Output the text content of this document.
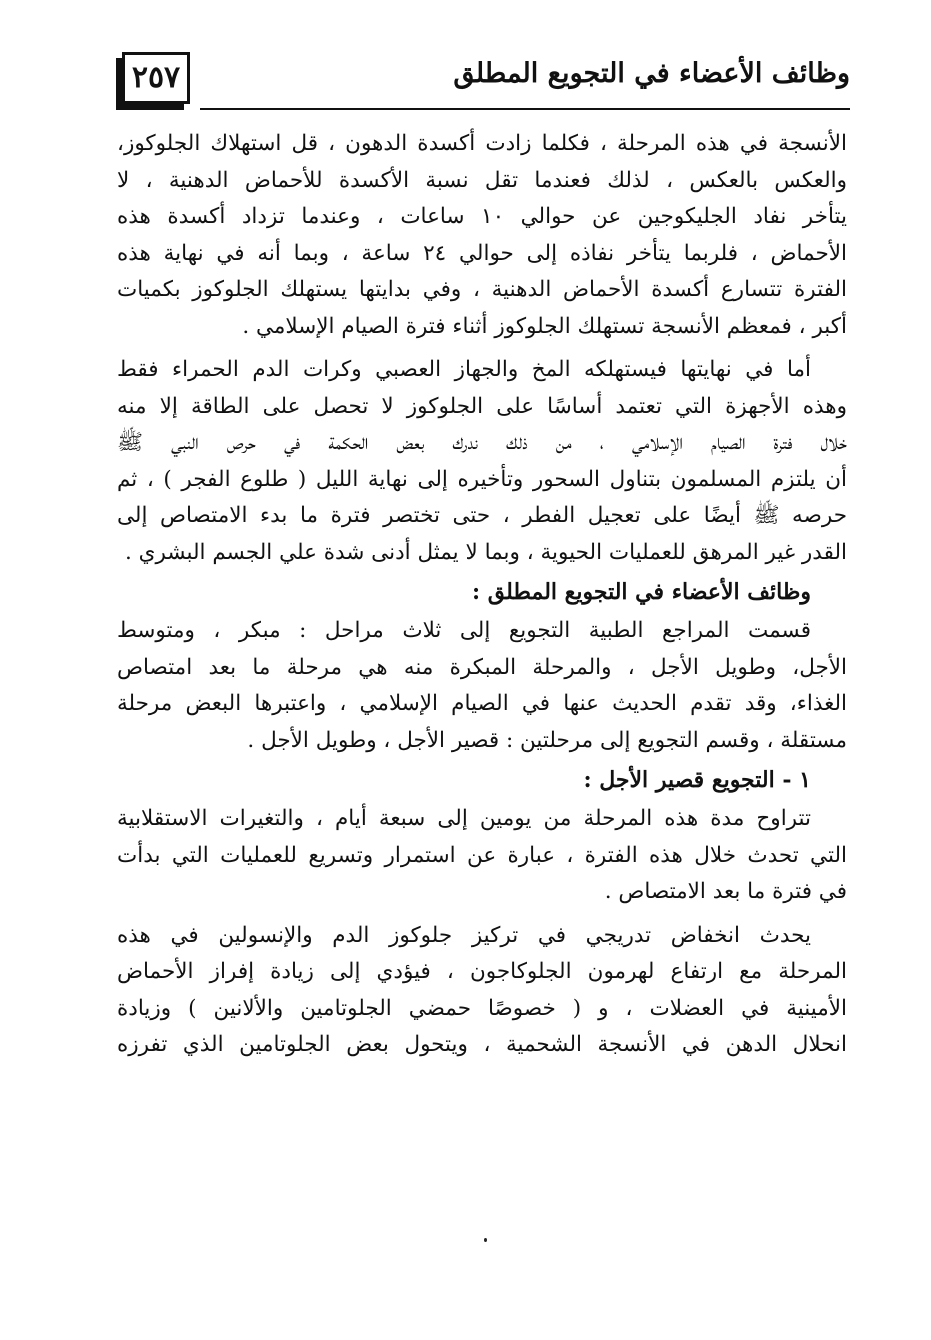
٢٥٧	وظائف الأعضاء في التجويع المطلق
الأنسجة في هذه المرحلة ، فكلما زادت أكسدة الدهون ، قل استهلاك الجلوكوز،
والعكس بالعكس ، لذلك فعندما تقل نسبة الأكسدة للأحماض الدهنية ، لا
يتأخر نفاد الجليكوجين عن حوالي ١٠ ساعات ، وعندما تزداد أكسدة هذه
الأحماض ، فلربما يتأخر نفاذه إلى حوالي ٢٤ ساعة ، وبما أنه في نهاية هذه
الفترة تتسارع أكسدة الأحماض الدهنية ، وفي بدايتها يستهلك الجلوكوز بكميات
أكبر ، فمعظم الأنسجة تستهلك الجلوكوز أثناء فترة الصيام الإسلامي .
أما في نهايتها فيستهلكه المخ والجهاز العصبي وكرات الدم الحمراء فقط
وهذه الأجهزة التي تعتمد أساسًا على الجلوكوز لا تحصل على الطاقة إلا منه
خلال فترة الصيام الإسلامي ، من ذلك ندرك بعض الحكمة في حرص النبي ﷺ
أن يلتزم المسلمون بتناول السحور وتأخيره إلى نهاية الليل ( طلوع الفجر ) ، ثم
حرصه ﷺ أيضًا على تعجيل الفطر ، حتى تختصر فترة ما بدء الامتصاص إلى
القدر غير المرهق للعمليات الحيوية ، وبما لا يمثل أدنى شدة علي الجسم البشري .
وظائف الأعضاء في التجويع المطلق :
قسمت المراجع الطبية التجويع إلى ثلاث مراحل : مبكر ، ومتوسط
الأجل، وطويل الأجل ، والمرحلة المبكرة منه هي مرحلة ما بعد امتصاص
الغذاء، وقد تقدم الحديث عنها في الصيام الإسلامي ، واعتبرها البعض مرحلة
مستقلة ، وقسم التجويع إلى مرحلتين : قصير الأجل ، وطويل الأجل .
١ - التجويع قصير الأجل :
تتراوح مدة هذه المرحلة من يومين إلى سبعة أيام ، والتغيرات الاستقلابية
التي تحدث خلال هذه الفترة ، عبارة عن استمرار وتسريع للعمليات التي بدأت
في فترة ما بعد الامتصاص .
يحدث انخفاض تدريجي في تركيز جلوكوز الدم والإنسولين في هذه
المرحلة مع ارتفاع لهرمون الجلوكاجون ، فيؤدي إلى زيادة إفراز الأحماض
الأمينية في العضلات ، و ( خصوصًا حمضي الجلوتامين والألانين ) وزيادة
انحلال الدهن في الأنسجة الشحمية ، ويتحول بعض الجلوتامين الذي تفرزه
